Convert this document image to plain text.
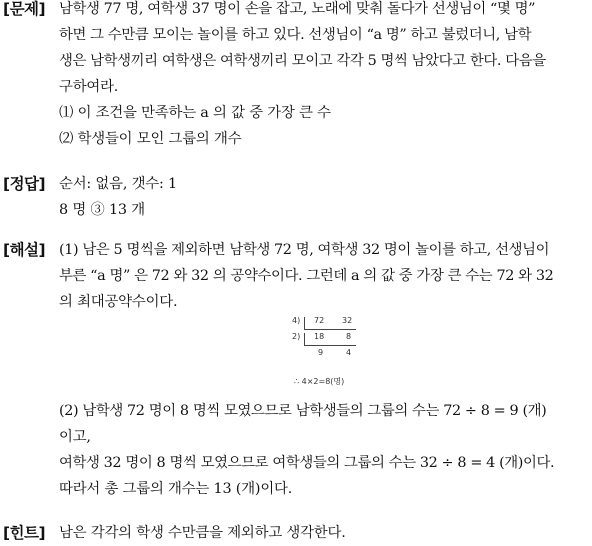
[문제] 남학생 77 명, 여학생 37 명이 손을 잡고, 노래에 맞춰 돌다가 선생님이 “몇 명”
하면 그 수만큼 모이는 놀이를 하고 있다. 선생님이 “a 명” 하고 불렀더니, 남학
생은 남학생끼리 여학생은 여학생끼리 모이고 각각 5 명씩 남았다고 한다. 다음을
구하여라.
⑴ 이 조건을 만족하는 a 의 값 중 가장 큰 수
⑵ 학생들이 모인 그룹의 개수
[정답] 순서: 없음, 갯수: 1
8 명 ③ 13 개
[해설] (1) 남은 5 명씩을 제외하면 남학생 72 명, 여학생 32 명이 놀이를 하고, 선생님이
부른 “a 명” 은 72 와 32 의 공약수이다. 그런데 a 의 값 중 가장 큰 수는 72 와 32
의 최대공약수이다.
4) 72 32
2) 18	8
9	4
∴ 4×2=8(명)
(2) 남학생 72 명이 8 명씩 모였으므로 남학생들의 그룹의 수는 72 ÷ 8 = 9 (개)
이고,
여학생 32 명이 8 명씩 모였으므로 여학생들의 그룹의 수는 32 ÷ 8 = 4 (개)이다.
따라서 총 그룹의 개수는 13 (개)이다.
[힌트] 남은 각각의 학생 수만큼을 제외하고 생각한다.
